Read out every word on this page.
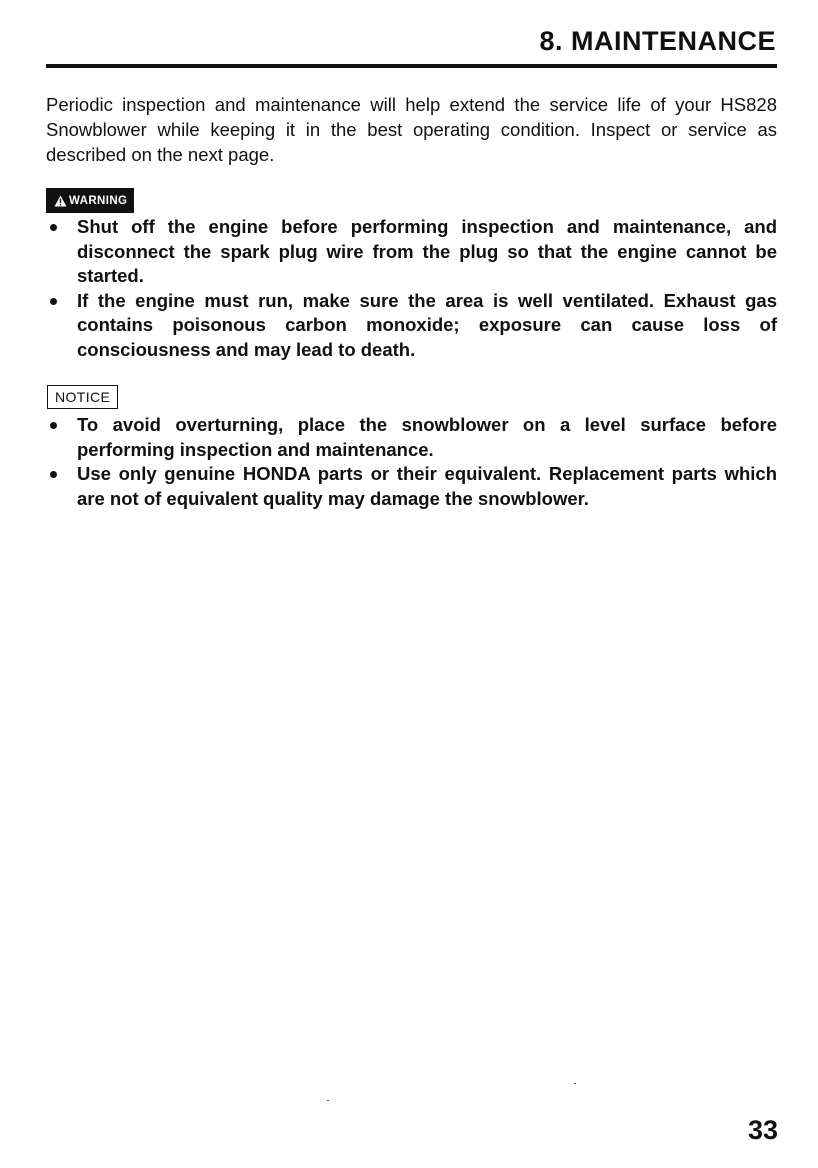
8. MAINTENANCE

Periodic inspection and maintenance will help extend the service life of your HS828 Snowblower while keeping it in the best operating condition. Inspect or service as described on the next page.

WARNING
Shut off the engine before performing inspection and maintenance, and disconnect the spark plug wire from the plug so that the engine cannot be started.
If the engine must run, make sure the area is well ventilated. Exhaust gas contains poisonous carbon monoxide; exposure can cause loss of consciousness and may lead to death.
NOTICE
To avoid overturning, place the snowblower on a level surface before performing inspection and maintenance.
Use only genuine HONDA parts or their equivalent. Replacement parts which are not of equivalent quality may damage the snowblower.

33
